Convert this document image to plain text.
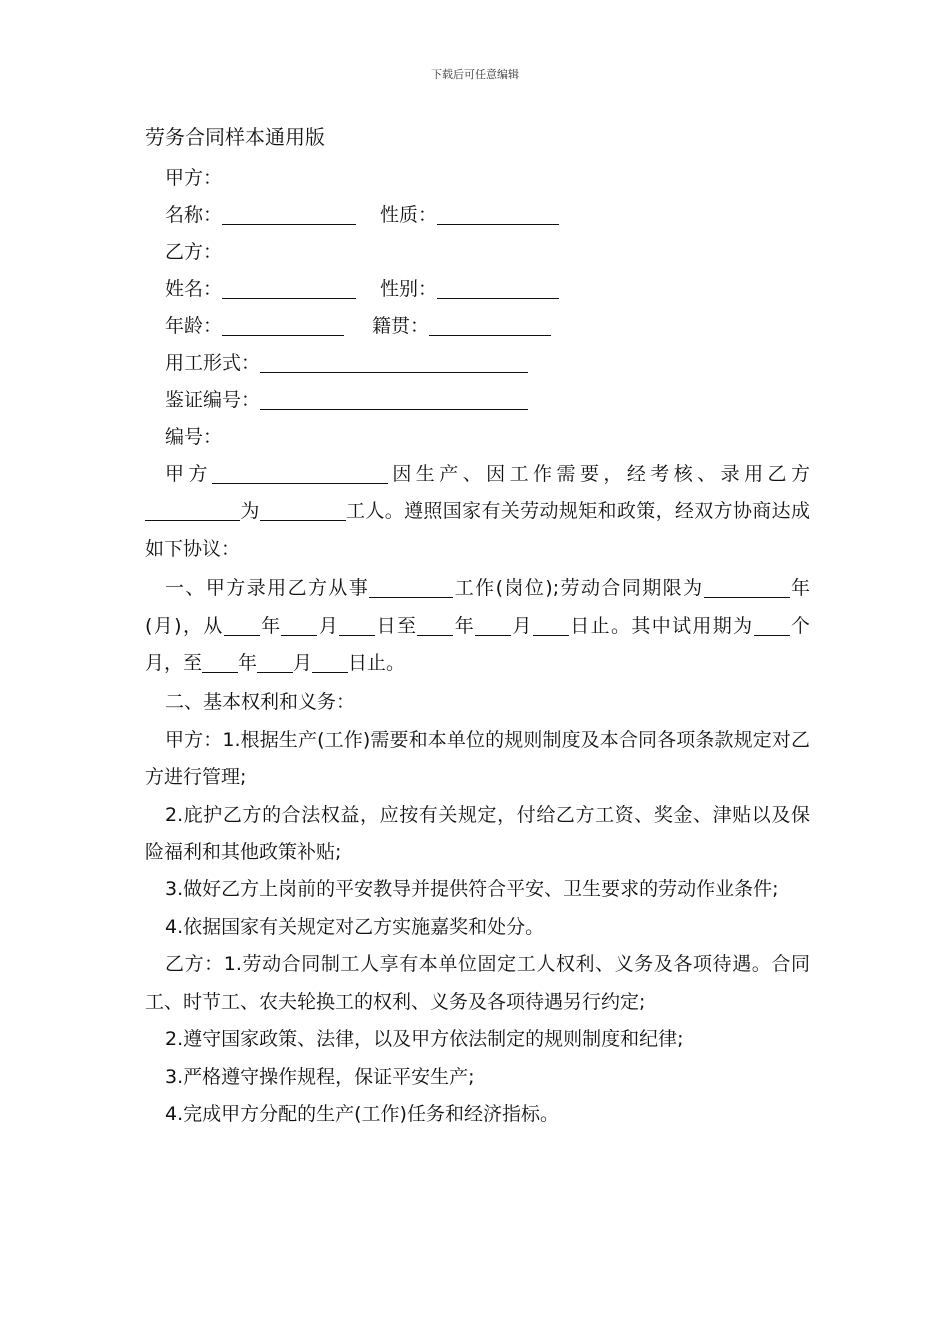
下载后可任意编辑
劳务合同样本通用版
甲方：
名称：	性质：
乙方：
姓名：	性别：
年龄：	籍贯：
用工形式：
鉴证编号：
编号：
甲方	因生产、因工作需要，经考核、录用乙方为	工人。遵照国家有关劳动规矩和政策，经双方协商达成如下协议：
一、甲方录用乙方从事	工作(岗位);劳动合同期限为	年(月)，从 年 月 日至 年 月 日止。其中试用期为 个月，至 年 月 日止。
二、基本权利和义务：
甲方：1.根据生产(工作)需要和本单位的规则制度及本合同各项条款规定对乙方进行管理;
2.庇护乙方的合法权益，应按有关规定，付给乙方工资、奖金、津贴以及保险福利和其他政策补贴;
3.做好乙方上岗前的平安教导并提供符合平安、卫生要求的劳动作业条件;
4.依据国家有关规定对乙方实施嘉奖和处分。
乙方：1.劳动合同制工人享有本单位固定工人权利、义务及各项待遇。合同工、时节工、农夫轮换工的权利、义务及各项待遇另行约定;
2.遵守国家政策、法律，以及甲方依法制定的规则制度和纪律;
3.严格遵守操作规程，保证平安生产;
4.完成甲方分配的生产(工作)任务和经济指标。
